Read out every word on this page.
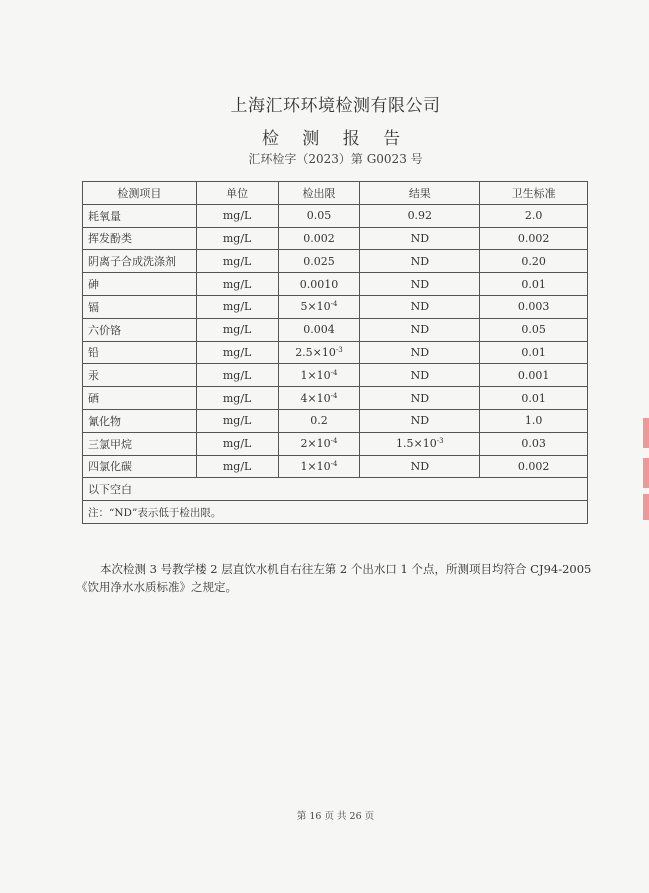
上海汇环环境检测有限公司
检 测 报 告
汇环检字（2023）第 G0023 号
检测项目	单位	检出限	结果	卫生标准
耗氧量	mg/L	0.05	0.92	2.0
挥发酚类	mg/L	0.002	ND	0.002
阴离子合成洗涤剂	mg/L	0.025	ND	0.20
砷	mg/L	0.0010	ND	0.01
镉	mg/L	$5\times 10^{-4}$	ND	0.003
六价铬	mg/L	0.004	ND	0.05
铅	mg/L	$2.5\times 10^{-3}$	ND	0.01
汞	mg/L	$1\times 10^{-4}$	ND	0.001
硒	mg/L	$4\times 10^{-4}$	ND	0.01
氰化物	mg/L	0.2	ND	1.0
三氯甲烷	mg/L	$2\times 10^{-4}$	$1.5\times 10^{-3}$	0.03
四氯化碳	mg/L	$1\times 10^{-4}$	ND	0.002
以下空白				
注：“ND”表示低于检出限。				
本次检测 3 号教学楼 2 层直饮水机自右往左第 2 个出水口 1 个点，所测项目均符合 CJ94-2005《饮用净水水质标准》之规定。
第 16 页 共 26 页
